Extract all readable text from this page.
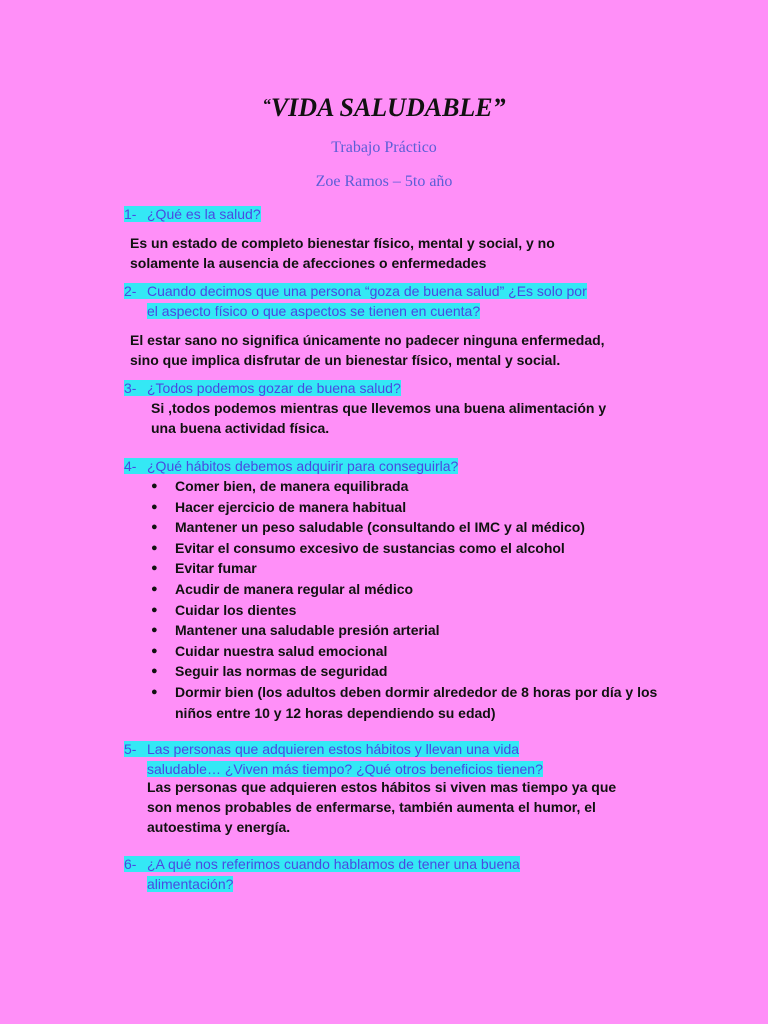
“VIDA SALUDABLE”
Trabajo Práctico
Zoe Ramos – 5to año
1- ¿Qué es la salud?
Es un estado de completo bienestar físico, mental y social, y no
solamente la ausencia de afecciones o enfermedades
2- Cuando decimos que una persona “goza de buena salud” ¿Es solo por
el aspecto físico o que aspectos se tienen en cuenta?
El estar sano no significa únicamente no padecer ninguna enfermedad,
sino que implica disfrutar de un bienestar físico, mental y social.
3- ¿Todos podemos gozar de buena salud?
Si ,todos podemos mientras que llevemos una buena alimentación y
una buena actividad física.
4- ¿Qué hábitos debemos adquirir para conseguirla?
● Comer bien, de manera equilibrada
● Hacer ejercicio de manera habitual
● Mantener un peso saludable (consultando el IMC y al médico)
● Evitar el consumo excesivo de sustancias como el alcohol
● Evitar fumar
● Acudir de manera regular al médico
● Cuidar los dientes
● Mantener una saludable presión arterial
● Cuidar nuestra salud emocional
● Seguir las normas de seguridad
● Dormir bien (los adultos deben dormir alrededor de 8 horas por día y los niños entre 10 y 12 horas dependiendo su edad)
5- Las personas que adquieren estos hábitos y llevan una vida
saludable… ¿Viven más tiempo? ¿Qué otros beneficios tienen?
Las personas que adquieren estos hábitos si viven mas tiempo ya que
son menos probables de enfermarse, también aumenta el humor, el
autoestima y energía.
6- ¿A qué nos referimos cuando hablamos de tener una buena
alimentación?
